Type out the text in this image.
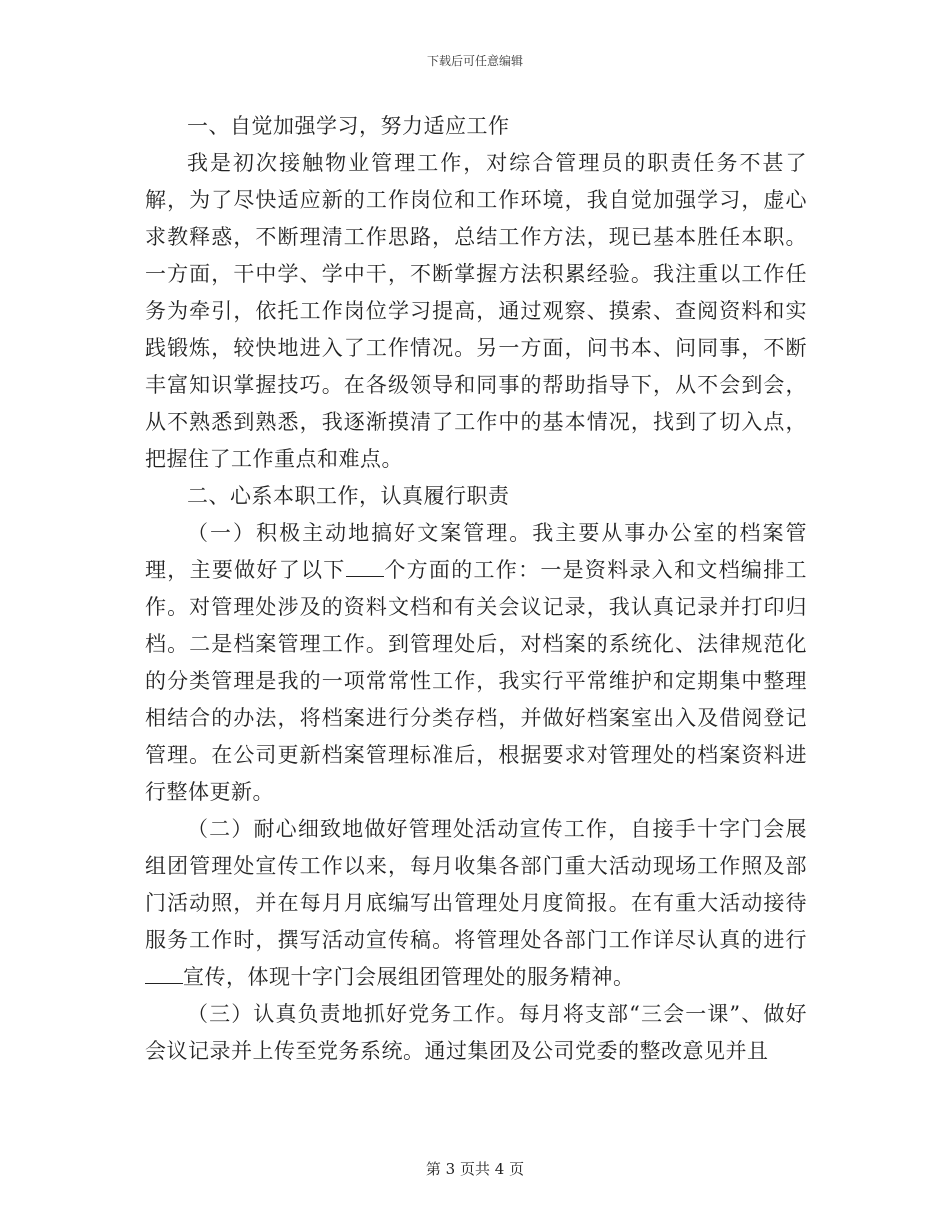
下载后可任意编辑

一、自觉加强学习，努力适应工作

我是初次接触物业管理工作，对综合管理员的职责任务不甚了解，为了尽快适应新的工作岗位和工作环境，我自觉加强学习，虚心求教释惑，不断理清工作思路，总结工作方法，现已基本胜任本职。一方面，干中学、学中干，不断掌握方法积累经验。我注重以工作任务为牵引，依托工作岗位学习提高，通过观察、摸索、查阅资料和实践锻炼，较快地进入了工作情况。另一方面，问书本、问同事，不断丰富知识掌握技巧。在各级领导和同事的帮助指导下，从不会到会，从不熟悉到熟悉，我逐渐摸清了工作中的基本情况，找到了切入点，把握住了工作重点和难点。

二、心系本职工作，认真履行职责

（一）积极主动地搞好文案管理。我主要从事办公室的档案管理，主要做好了以下 个方面的工作：一是资料录入和文档编排工作。对管理处涉及的资料文档和有关会议记录，我认真记录并打印归档。二是档案管理工作。到管理处后，对档案的系统化、法律规范化的分类管理是我的一项常常性工作，我实行平常维护和定期集中整理相结合的办法，将档案进行分类存档，并做好档案室出入及借阅登记管理。在公司更新档案管理标准后，根据要求对管理处的档案资料进行整体更新。

（二）耐心细致地做好管理处活动宣传工作，自接手十字门会展组团管理处宣传工作以来，每月收集各部门重大活动现场工作照及部门活动照，并在每月月底编写出管理处月度简报。在有重大活动接待服务工作时，撰写活动宣传稿。将管理处各部门工作详尽认真的进行宣传，体现十字门会展组团管理处的服务精神。

（三）认真负责地抓好党务工作。每月将支部“三会一课”、做好会议记录并上传至党务系统。通过集团及公司党委的整改意见并且

第 3 页共 4 页
